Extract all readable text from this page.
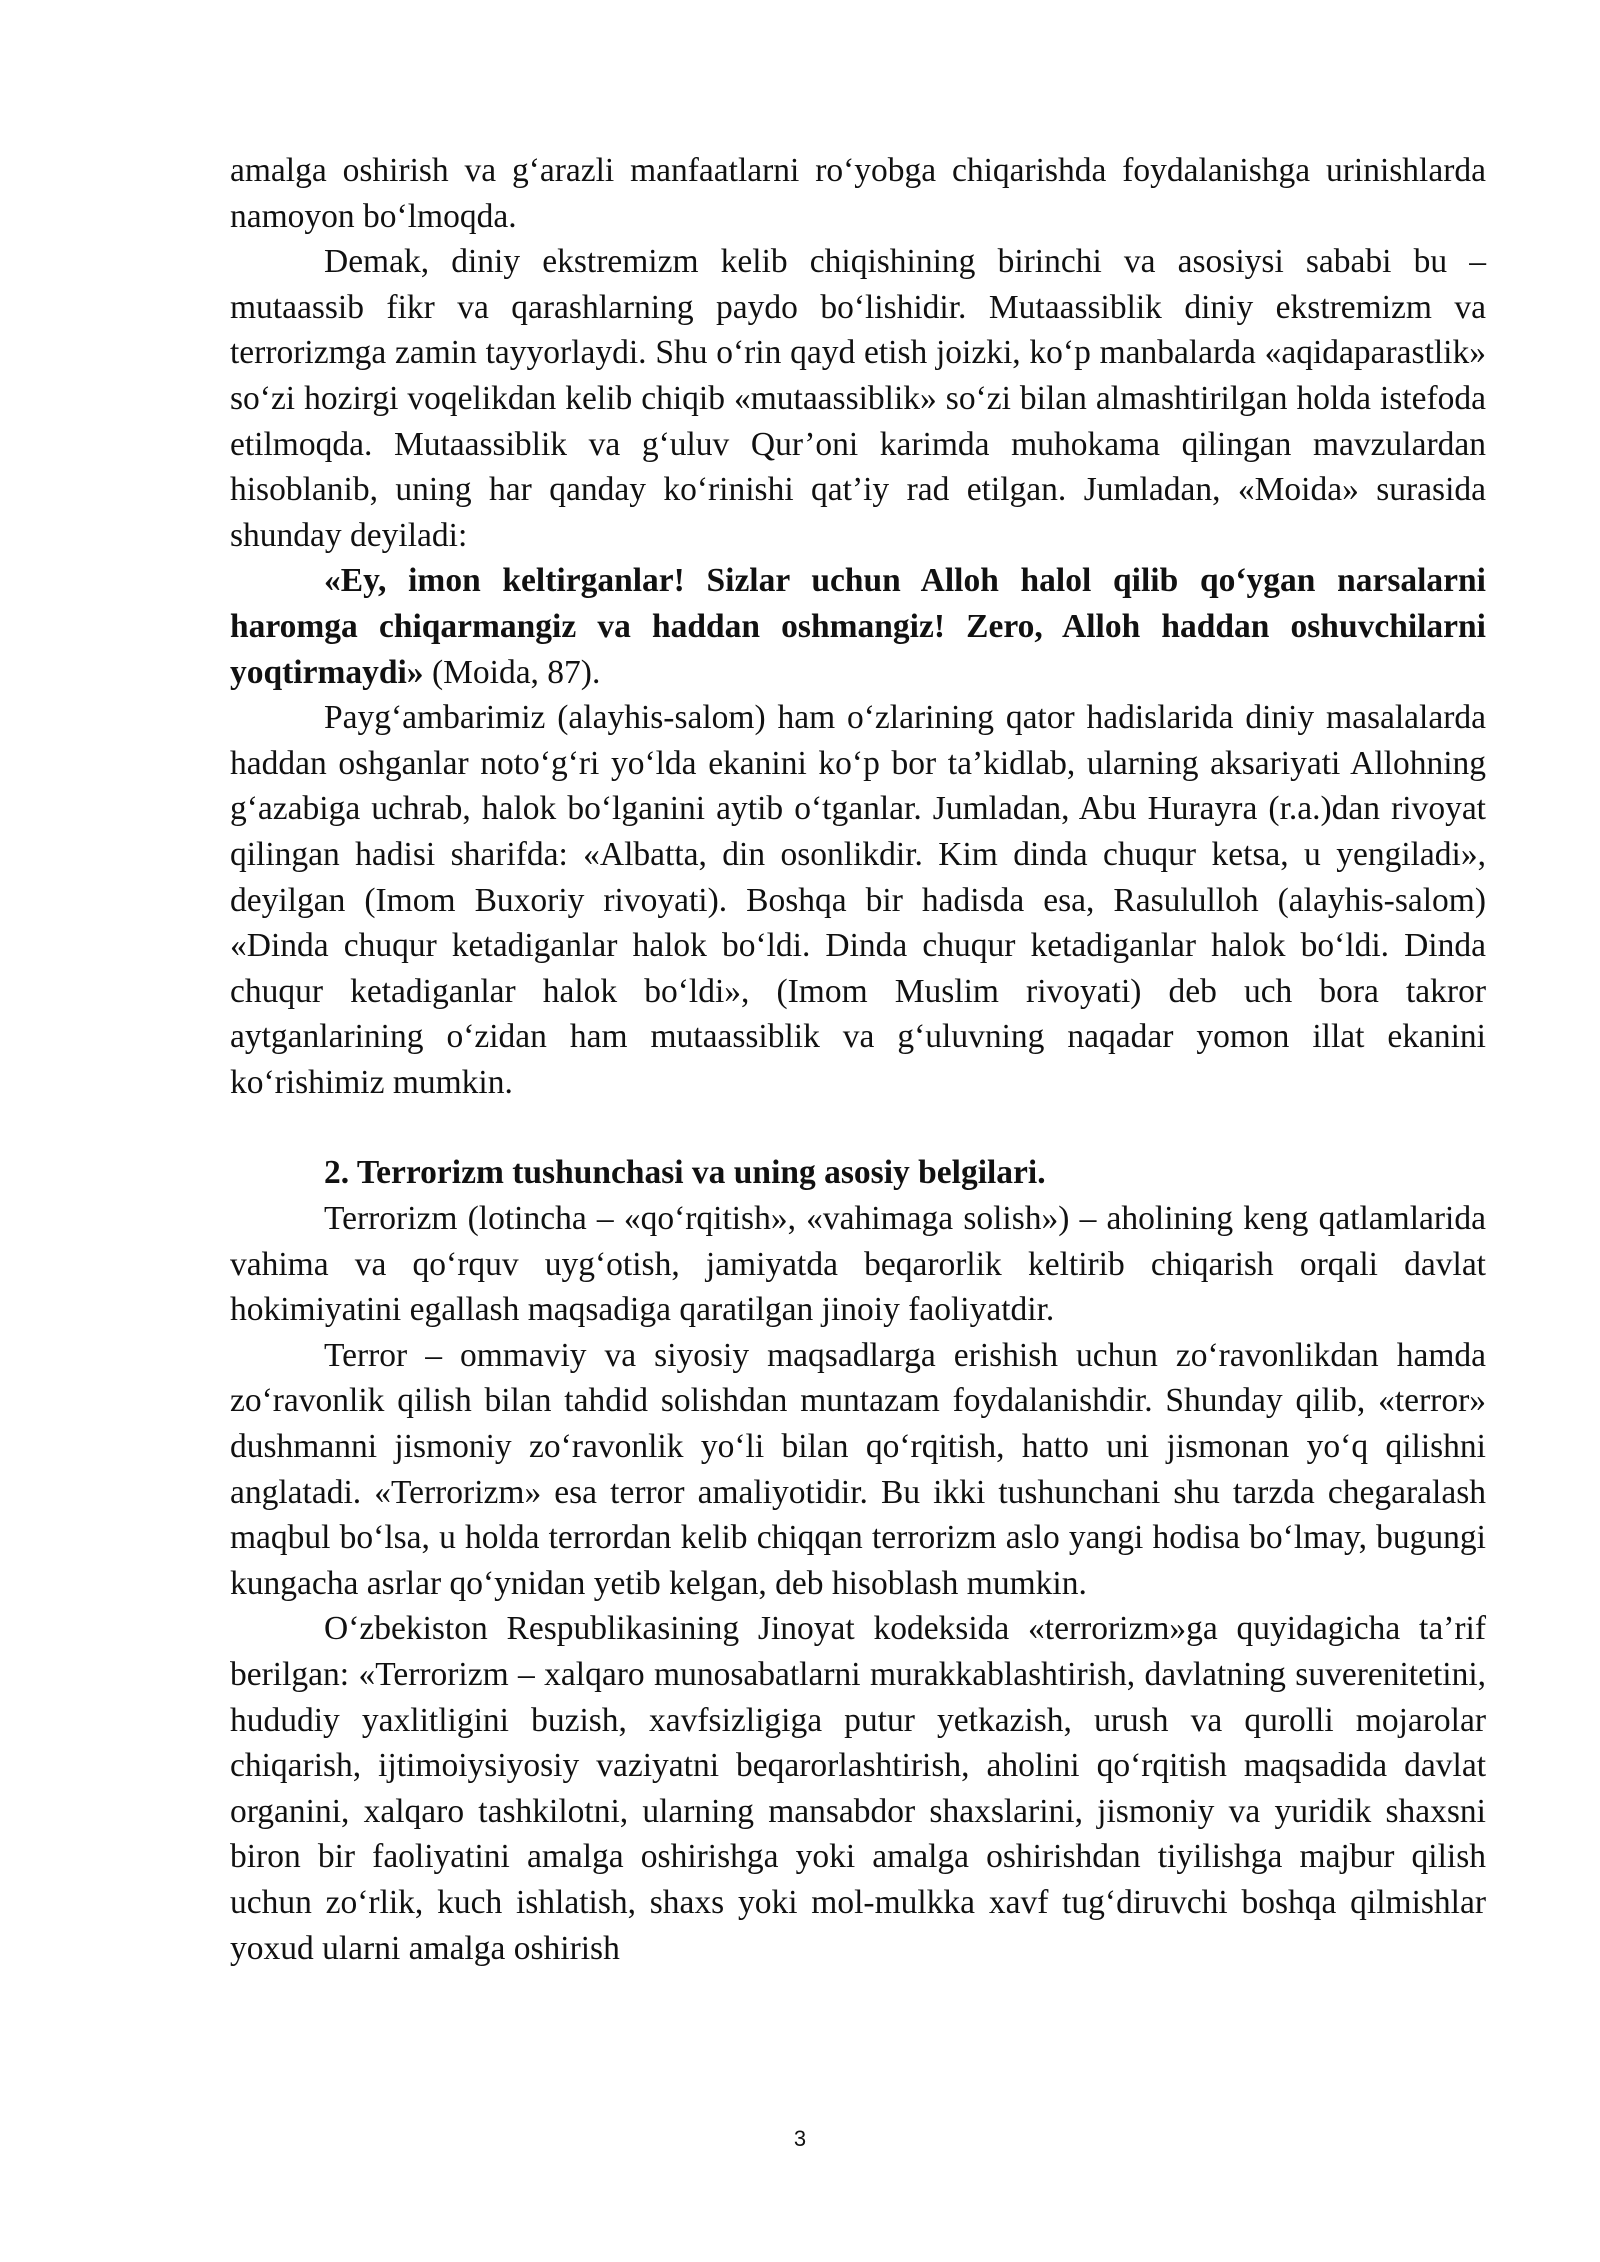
amalga oshirish va g‘arazli manfaatlarni ro‘yobga chiqarishda foydalanishga urinishlarda namoyon bo‘lmoqda.

Demak, diniy ekstremizm kelib chiqishining birinchi va asosiysi sababi bu – mutaassib fikr va qarashlarning paydo bo‘lishidir. Mutaassiblik diniy ekstremizm va terrorizmga zamin tayyorlaydi. Shu o‘rin qayd etish joizki, ko‘p manbalarda «aqidaparastlik» so‘zi hozirgi voqelikdan kelib chiqib «mutaassiblik» so‘zi bilan almashtirilgan holda istefoda etilmoqda. Mutaassiblik va g‘uluv Qur’oni karimda muhokama qilingan mavzulardan hisoblanib, uning har qanday ko‘rinishi qat’iy rad etilgan. Jumladan, «Moida» surasida shunday deyiladi:

«Ey, imon keltirganlar! Sizlar uchun Alloh halol qilib qo‘ygan narsalarni haromga chiqarmangiz va haddan oshmangiz! Zero, Alloh haddan oshuvchilarni yoqtirmaydi» (Moida, 87).

Payg‘ambarimiz (alayhis-salom) ham o‘zlarining qator hadislarida diniy masalalarda haddan oshganlar noto‘g‘ri yo‘lda ekanini ko‘p bor ta’kidlab, ularning aksariyati Allohning g‘azabiga uchrab, halok bo‘lganini aytib o‘tganlar. Jumladan, Abu Hurayra (r.a.)dan rivoyat qilingan hadisi sharifda: «Albatta, din osonlikdir. Kim dinda chuqur ketsa, u yengiladi», deyilgan (Imom Buxoriy rivoyati). Boshqa bir hadisda esa, Rasululloh (alayhis-salom) «Dinda chuqur ketadiganlar halok bo‘ldi. Dinda chuqur ketadiganlar halok bo‘ldi. Dinda chuqur ketadiganlar halok bo‘ldi», (Imom Muslim rivoyati) deb uch bora takror aytganlarining o‘zidan ham mutaassiblik va g‘uluvning naqadar yomon illat ekanini ko‘rishimiz mumkin.

2. Terrorizm tushunchasi va uning asosiy belgilari.

Terrorizm (lotincha – «qo‘rqitish», «vahimaga solish») – aholining keng qatlamlarida vahima va qo‘rquv uyg‘otish, jamiyatda beqarorlik keltirib chiqarish orqali davlat hokimiyatini egallash maqsadiga qaratilgan jinoiy faoliyatdir.

Terror – ommaviy va siyosiy maqsadlarga erishish uchun zo‘ravonlikdan hamda zo‘ravonlik qilish bilan tahdid solishdan muntazam foydalanishdir. Shunday qilib, «terror» dushmanni jismoniy zo‘ravonlik yo‘li bilan qo‘rqitish, hatto uni jismonan yo‘q qilishni anglatadi. «Terrorizm» esa terror amaliyotidir. Bu ikki tushunchani shu tarzda chegaralash maqbul bo‘lsa, u holda terrordan kelib chiqqan terrorizm aslo yangi hodisa bo‘lmay, bugungi kungacha asrlar qo‘ynidan yetib kelgan, deb hisoblash mumkin.

O‘zbekiston Respublikasining Jinoyat kodeksida «terrorizm»ga quyidagicha ta’rif berilgan: «Terrorizm – xalqaro munosabatlarni murakkablashtirish, davlatning suverenitetini, hududiy yaxlitligini buzish, xavfsizligiga putur yetkazish, urush va qurolli mojarolar chiqarish, ijtimoiysiyosiy vaziyatni beqarorlashtirish, aholini qo‘rqitish maqsadida davlat organini, xalqaro tashkilotni, ularning mansabdor shaxslarini, jismoniy va yuridik shaxsni biron bir faoliyatini amalga oshirishga yoki amalga oshirishdan tiyilishga majbur qilish uchun zo‘rlik, kuch ishlatish, shaxs yoki mol-mulkka xavf tug‘diruvchi boshqa qilmishlar yoxud ularni amalga oshirish

3
